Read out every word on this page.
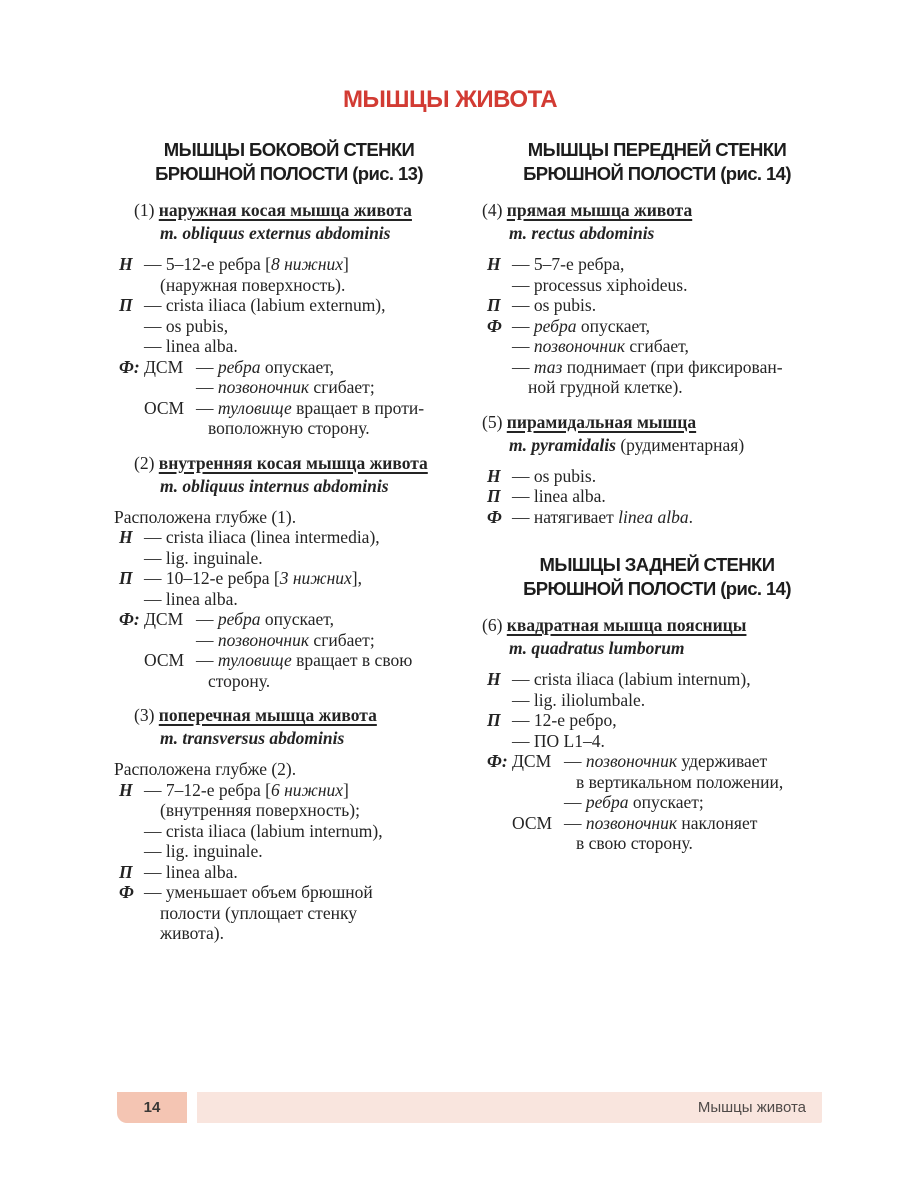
МЫШЦЫ ЖИВОТА
МЫШЦЫ БОКОВОЙ СТЕНКИ
БРЮШНОЙ ПОЛОСТИ (рис. 13)
(1) наружная косая мышца живота
m. obliquus externus abdominis
Н — 5–12-е ребра [8 нижних]
(наружная поверхность).
П — crista iliaca (labium externum),
— os pubis,
— linea alba.
Ф: ДСМ — ребра опускает,
— позвоночник сгибает;
ОСМ — туловище вращает в проти-
воположную сторону.
(2) внутренняя косая мышца живота
m. obliquus internus abdominis
Расположена глубже (1).
Н — crista iliaca (linea intermedia),
— lig. inguinale.
П — 10–12-е ребра [3 нижних],
— linea alba.
Ф: ДСМ — ребра опускает,
— позвоночник сгибает;
ОСМ — туловище вращает в свою
сторону.
(3) поперечная мышца живота
m. transversus abdominis
Расположена глубже (2).
Н — 7–12-е ребра [6 нижних]
(внутренняя поверхность);
— crista iliaca (labium internum),
— lig. inguinale.
П — linea alba.
Ф — уменьшает объем брюшной
полости (уплощает стенку
живота).
МЫШЦЫ ПЕРЕДНЕЙ СТЕНКИ
БРЮШНОЙ ПОЛОСТИ (рис. 14)
(4) прямая мышца живота
m. rectus abdominis
Н — 5–7-е ребра,
— processus xiphoideus.
П — os pubis.
Ф — ребра опускает,
— позвоночник сгибает,
— таз поднимает (при фиксирован-
ной грудной клетке).
(5) пирамидальная мышца
m. pyramidalis (рудиментарная)
Н — os pubis.
П — linea alba.
Ф — натягивает linea alba.
МЫШЦЫ ЗАДНЕЙ СТЕНКИ
БРЮШНОЙ ПОЛОСТИ (рис. 14)
(6) квадратная мышца поясницы
m. quadratus lumborum
Н — crista iliaca (labium internum),
— lig. iliolumbale.
П — 12-е ребро,
— ПО L1–4.
Ф: ДСМ — позвоночник удерживает
в вертикальном положении,
— ребра опускает;
ОСМ — позвоночник наклоняет
в свою сторону.
14	Мышцы живота
